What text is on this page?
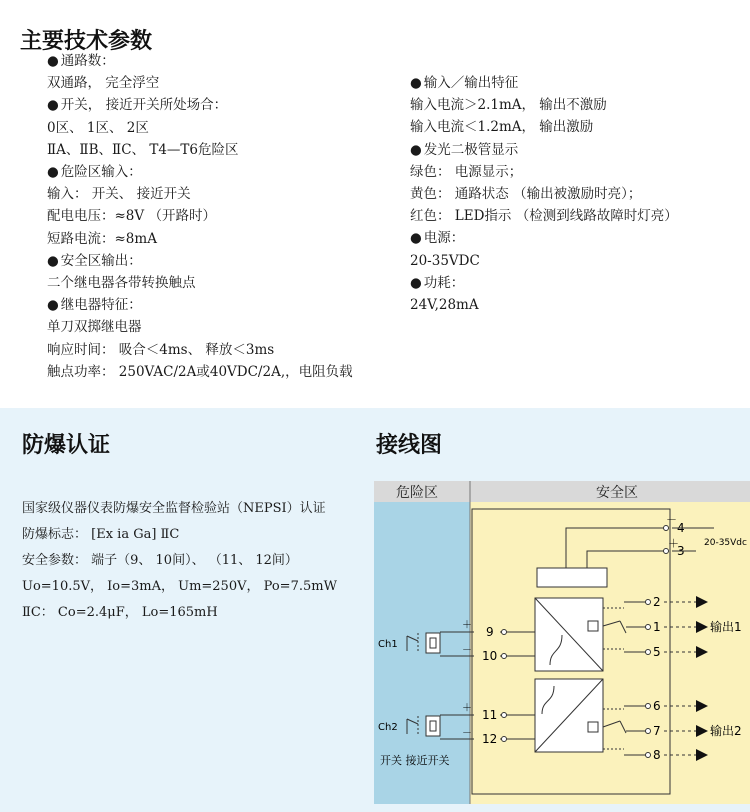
主要技术参数
● 通路数：
双通路， 完全浮空
● 开关， 接近开关所处场合：
0区、 1区、 2区
ⅡA、ⅡB、ⅡC、 T4—T6危险区
● 危险区输入：
输入： 开关、 接近开关
配电电压：≈8V （开路时）
短路电流：≈8mA
● 安全区输出：
二个继电器各带转换触点
● 继电器特征：
单刀双掷继电器
响应时间： 吸合＜4ms、 释放＜3ms
触点功率： 250VAC/2A或40VDC/2A,，电阻负载
● 输入／输出特征
输入电流＞2.1mA， 输出不激励
输入电流＜1.2mA， 输出激励
● 发光二极管显示
绿色： 电源显示；
黄色： 通路状态 （输出被激励时亮）；
红色： LED指示 （检测到线路故障时灯亮）
● 电源：
20-35VDC
● 功耗：
24V,28mA
防爆认证	接线图
国家级仪器仪表防爆安全监督检验站（NEPSI）认证
防爆标志： [Ex ia Ga] ⅡC
安全参数： 端子（9、 10间）、 （11、 12间）
Uo=10.5V， Io=3mA， Um=250V， Po=7.5mW
ⅡC： Co=2.4μF， Lo=165mH
危险区	安全区
4
3
－
＋	20-35Vdc
2
1
5
输出1
9
10
＋
－
Ch1
6
7
8
输出2
11
12
＋
－
Ch2
开关 接近开关
